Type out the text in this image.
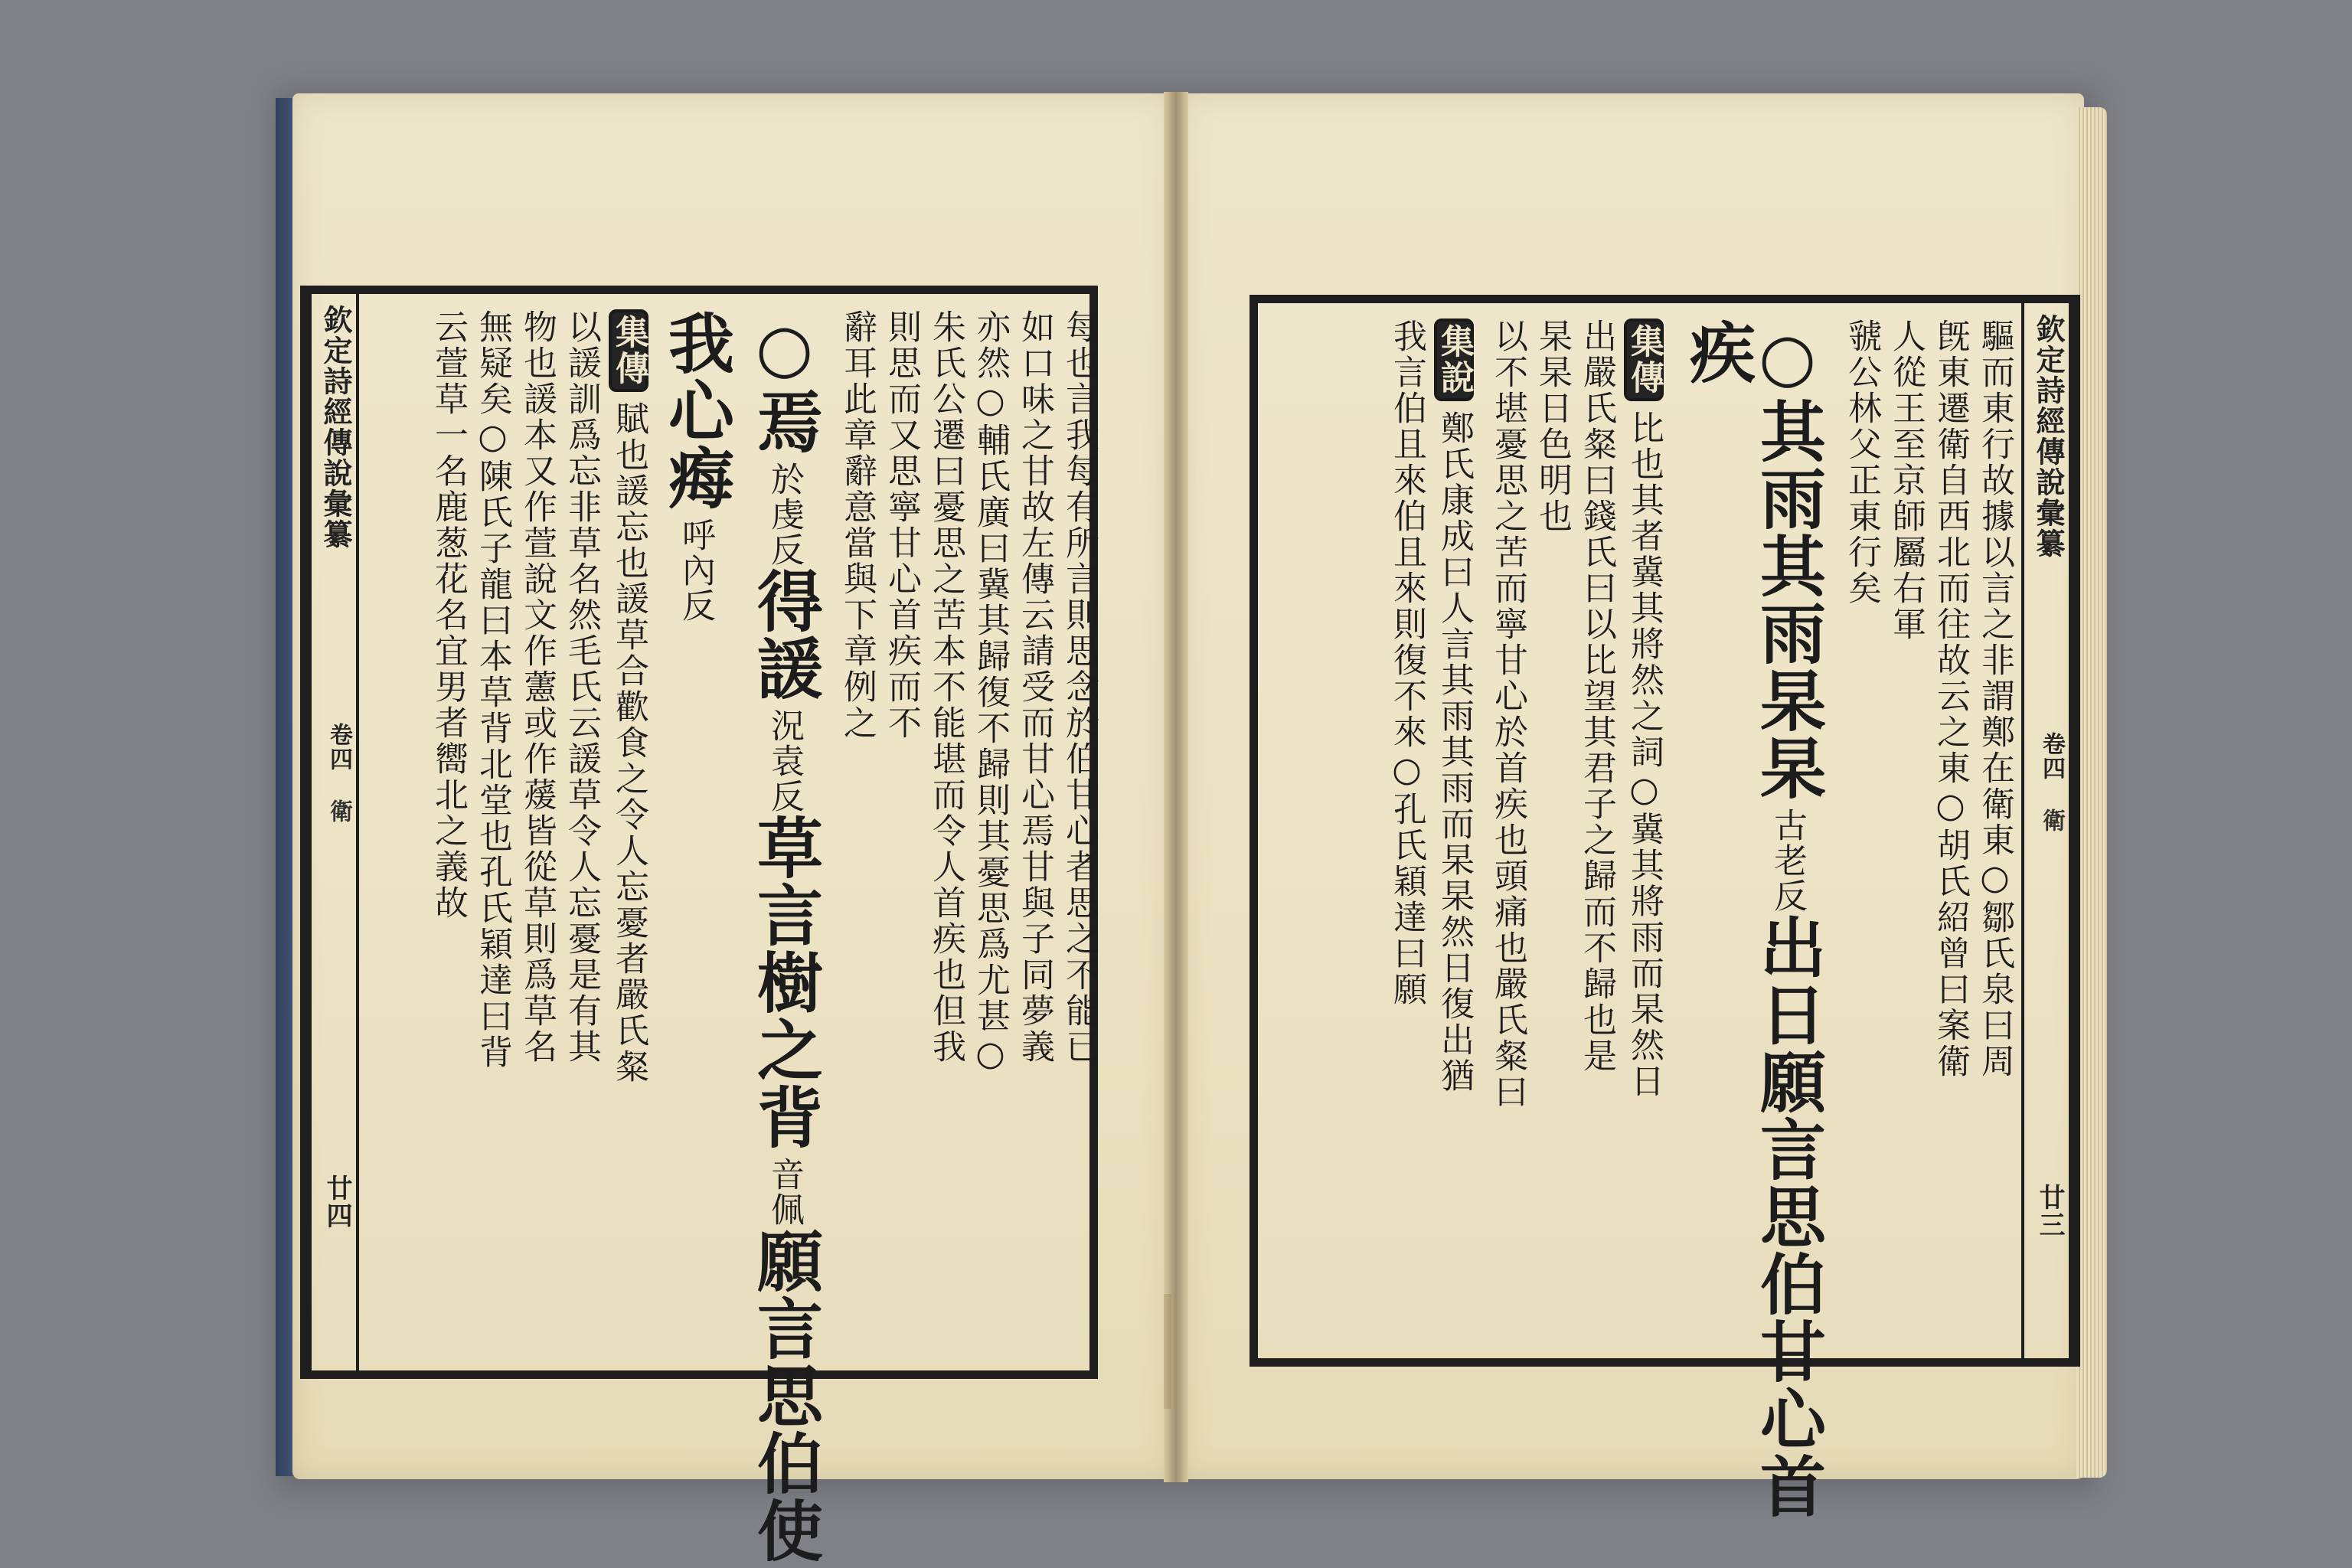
欽定詩經傳說彙纂
卷四
衛
廿四
每也言我每有所言則思念於伯甘心者思之不能已
如口味之甘故左傳云請受而甘心焉甘與子同夢義
亦然○輔氏廣曰冀其歸復不歸則其憂思爲尤甚○
朱氏公遷曰憂思之苦本不能堪而令人首疾也但我
則思而又思寧甘心首疾而不
辭耳此章辭意當與下章例之
○焉於虔反得諼況袁反草言樹之背音佩願言思伯使
我心痗呼內反
集傳賦也諼忘也諼草合歡食之令人忘憂者嚴氏粲
以諼訓爲忘非草名然毛氏云諼草令人忘憂是有其
物也諼本又作萱說文作藼或作蕿皆從草則爲草名
無疑矣○陳氏子龍曰本草背北堂也孔氏穎達曰背
云萱草一名鹿葱花名宜男者嚮北之義故	欽定詩經傳說彙纂
卷四
衛
廿三
驅而東行故據以言之非謂鄭在衛東○鄒氏泉曰周
旣東遷衛自西北而往故云之東○胡氏紹曾曰案衛
人從王至京師屬右軍
虢公林父正東行矣
○其雨其雨杲杲古老反出日願言思伯甘心首
疾
集傳比也其者冀其將然之詞○冀其將雨而杲然日
出嚴氏粲曰錢氏曰以比望其君子之歸而不歸也是
杲杲日色明也
以不堪憂思之苦而寧甘心於首疾也頭痛也嚴氏粲曰
集說鄭氏康成曰人言其雨其雨而杲杲然日復出猶
我言伯且來伯且來則復不來○孔氏穎達曰願
